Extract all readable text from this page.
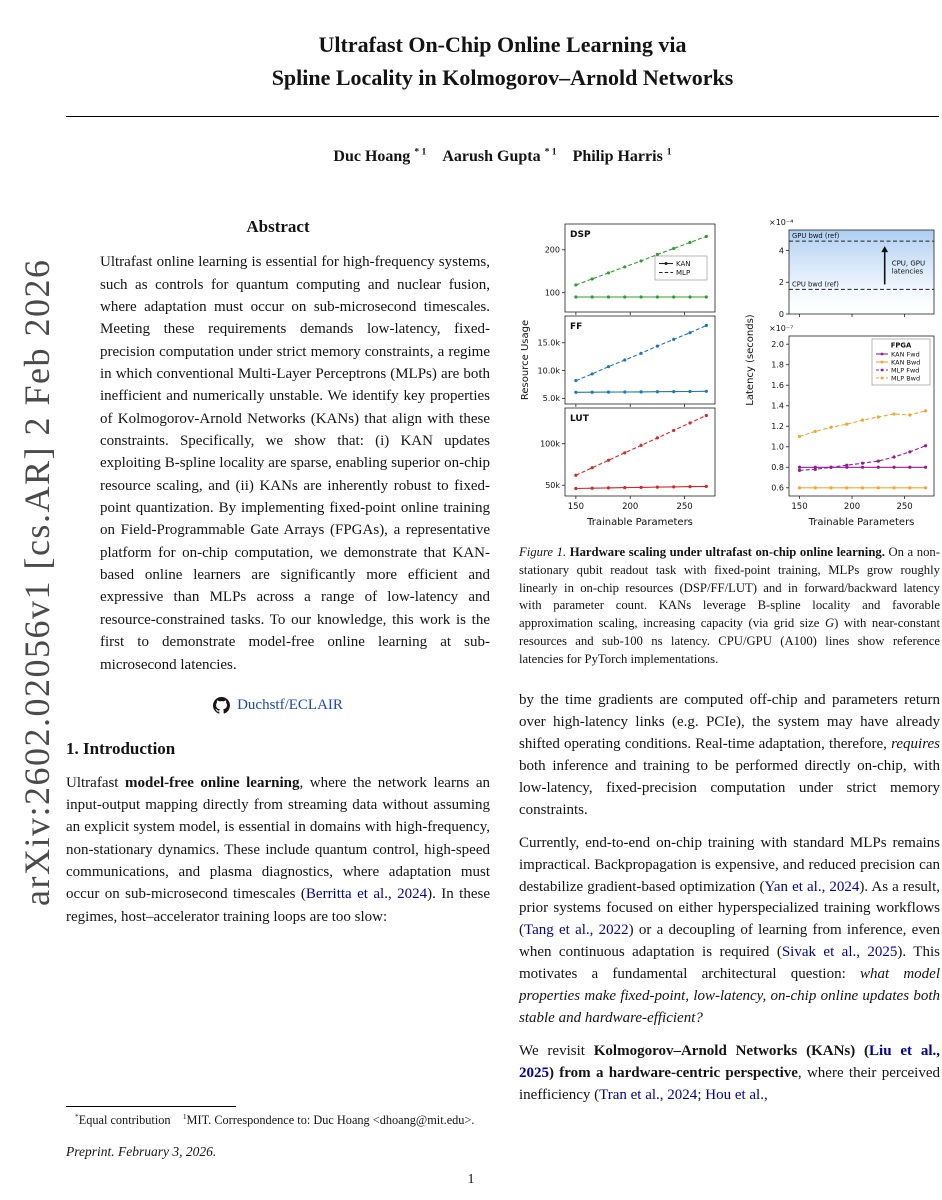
arXiv:2602.02056v1 [cs.AR] 2 Feb 2026
Ultrafast On-Chip Online Learning via
Spline Locality in Kolmogorov–Arnold Networks
Duc Hoang $^{* 1}$  Aarush Gupta $^{* 1}$  Philip Harris $^1$
Abstract

Ultrafast online learning is essential for high-frequency systems, such as controls for quantum computing and nuclear fusion, where adaptation must occur on sub-microsecond timescales. Meeting these requirements demands low-latency, fixed-precision computation under strict memory constraints, a regime in which conventional Multi-Layer Perceptrons (MLPs) are both inefficient and numerically unstable. We identify key properties of Kolmogorov-Arnold Networks (KANs) that align with these constraints. Specifically, we show that: (i) KAN updates exploiting B-spline locality are sparse, enabling superior on-chip resource scaling, and (ii) KANs are inherently robust to fixed-point quantization. By implementing fixed-point online training on Field-Programmable Gate Arrays (FPGAs), a representative platform for on-chip computation, we demonstrate that KAN-based online learners are significantly more efficient and expressive than MLPs across a range of low-latency and resource-constrained tasks. To our knowledge, this work is the first to demonstrate model-free online learning at sub-microsecond latencies.

Duchstf/ECLAIR
1. Introduction

Ultrafast model-free online learning, where the network learns an input-output mapping directly from streaming data without assuming an explicit system model, is essential in domains with high-frequency, non-stationary dynamics. These include quantum control, high-speed communications, and plasma diagnostics, where adaptation must occur on sub-microsecond timescales (Berritta et al., 2024). In these regimes, host–accelerator training loops are too slow:

*Equal contribution  $^1$MIT. Correspondence to: Duc Hoang <dhoang@mit.edu>.

Preprint. February 3, 2026.

Resource Usage
Trainable Parameters
100
200
DSP
KAN
MLP
5.0k
10.0k
15.0k
FF
50k
100k
150	200	250
LUT
Latency (seconds)
Trainable Parameters
×10⁻⁴
0
2
4
GPU bwd (ref)
CPU bwd (ref)
CPU, GPU
latencies
×10⁻⁷
0.6
0.8
1.0
1.2
1.4
1.6
1.8
2.0
150	200	250
FPGA
KAN Fwd
KAN Bwd
MLP Fwd
MLP Bwd
Figure 1. Hardware scaling under ultrafast on-chip online learning. On a non-stationary qubit readout task with fixed-point training, MLPs grow roughly linearly in on-chip resources (DSP/FF/LUT) and in forward/backward latency with parameter count. KANs leverage B-spline locality and favorable approximation scaling, increasing capacity (via grid size G) with near-constant resources and sub-100 ns latency. CPU/GPU (A100) lines show reference latencies for PyTorch implementations.

by the time gradients are computed off-chip and parameters return over high-latency links (e.g. PCIe), the system may have already shifted operating conditions. Real-time adaptation, therefore, requires both inference and training to be performed directly on-chip, with low-latency, fixed-precision computation under strict memory constraints.

Currently, end-to-end on-chip training with standard MLPs remains impractical. Backpropagation is expensive, and reduced precision can destabilize gradient-based optimization (Yan et al., 2024). As a result, prior systems focused on either hyperspecialized training workflows (Tang et al., 2022) or a decoupling of learning from inference, even when continuous adaptation is required (Sivak et al., 2025). This motivates a fundamental architectural question: what model properties make fixed-point, low-latency, on-chip online updates both stable and hardware-efficient?

We revisit Kolmogorov–Arnold Networks (KANs) (Liu et al., 2025) from a hardware-centric perspective, where their perceived inefficiency (Tran et al., 2024; Hou et al.,

1
